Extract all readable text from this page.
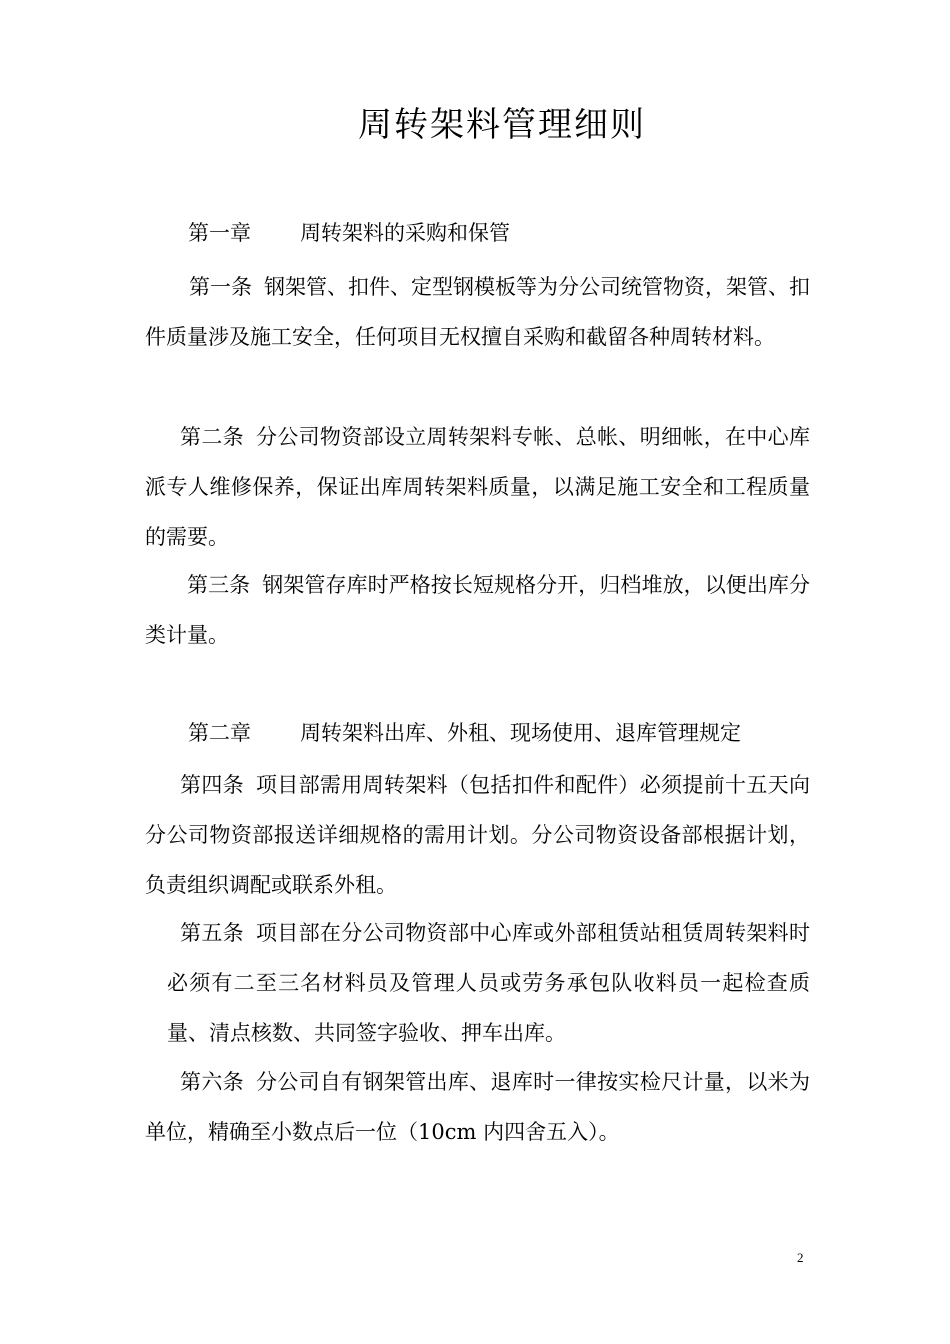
周转架料管理细则
第一章 周转架料的采购和保管
第一条 钢架管、扣件、定型钢模板等为分公司统管物资，架管、扣件质量涉及施工安全，任何项目无权擅自采购和截留各种周转材料。
第二条 分公司物资部设立周转架料专帐、总帐、明细帐，在中心库派专人维修保养，保证出库周转架料质量，以满足施工安全和工程质量的需要。
第三条 钢架管存库时严格按长短规格分开，归档堆放，以便出库分类计量。
第二章 周转架料出库、外租、现场使用、退库管理规定
第四条 项目部需用周转架料（包括扣件和配件）必须提前十五天向分公司物资部报送详细规格的需用计划。分公司物资设备部根据计划，负责组织调配或联系外租。
第五条 项目部在分公司物资部中心库或外部租赁站租赁周转架料时必须有二至三名材料员及管理人员或劳务承包队收料员一起检查质量、清点核数、共同签字验收、押车出库。
第六条 分公司自有钢架管出库、退库时一律按实检尺计量，以米为单位，精确至小数点后一位（10cm 内四舍五入）。
2
